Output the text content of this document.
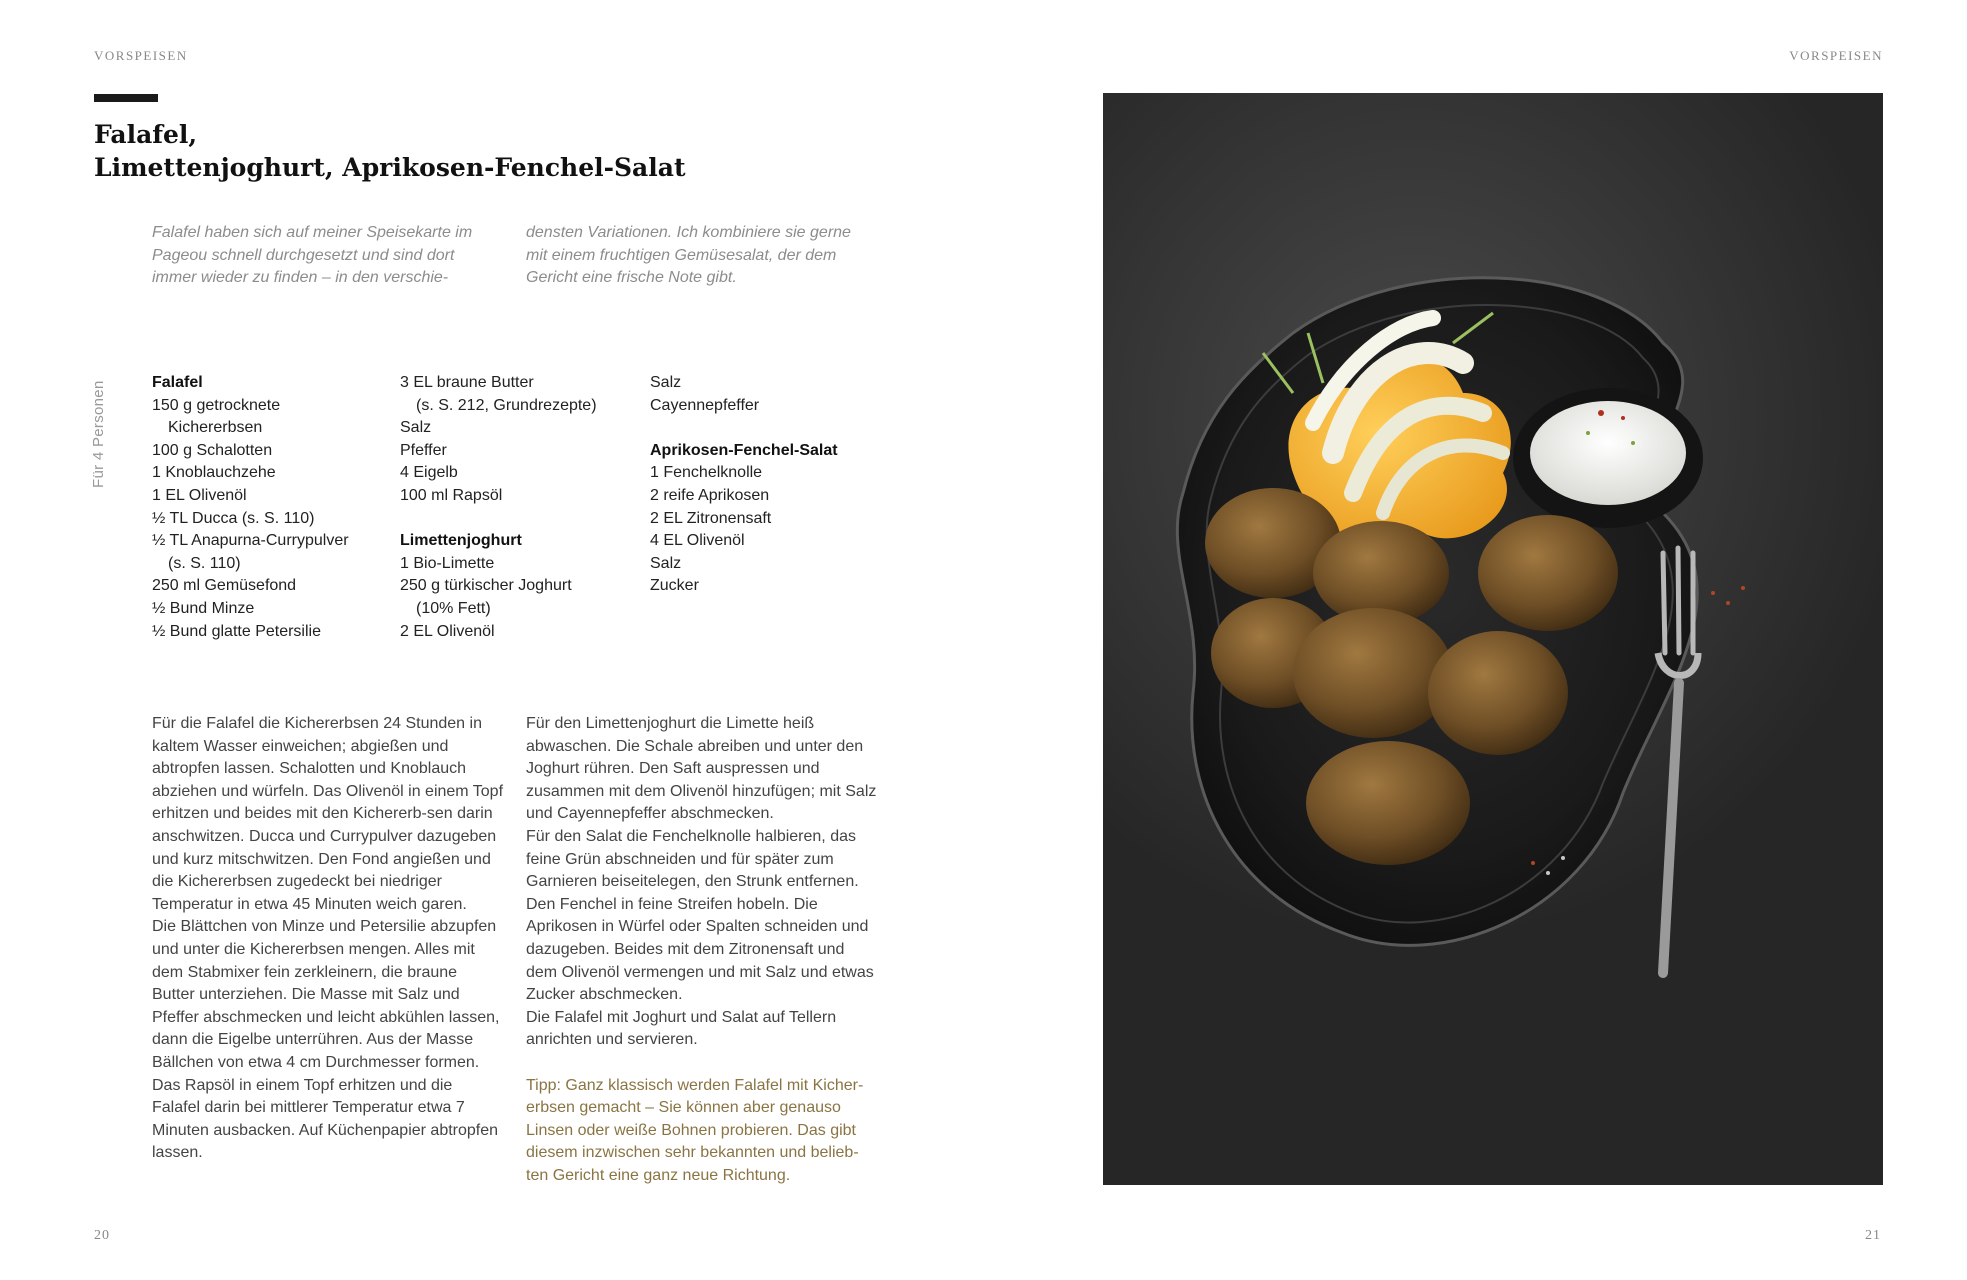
VORSPEISEN	VORSPEISEN
Falafel,
Limettenjoghurt, Aprikosen-Fenchel-Salat
Falafel haben sich auf meiner Speisekarte im Pageou schnell durchgesetzt und sind dort immer wieder zu finden – in den verschie-
densten Variationen. Ich kombiniere sie gerne mit einem fruchtigen Gemüsesalat, der dem Gericht eine frische Note gibt.
Für 4 Personen	Falafel
150 g getrocknete
Kichererbsen
100 g Schalotten
1 Knoblauchzehe
1 EL Olivenöl
½ TL Ducca (s. S. 110)
½ TL Anapurna-Currypulver
(s. S. 110)
250 ml Gemüsefond
½ Bund Minze
½ Bund glatte Petersilie
3 EL braune Butter
(s. S. 212, Grundrezepte)
Salz
Pfeffer
4 Eigelb
100 ml Rapsöl
Limettenjoghurt
1 Bio-Limette
250 g türkischer Joghurt
(10% Fett)
2 EL Olivenöl
Salz
Cayennepfeffer
Aprikosen-Fenchel-Salat
1 Fenchelknolle
2 reife Aprikosen
2 EL Zitronensaft
4 EL Olivenöl
Salz
Zucker

Für die Falafel die Kichererbsen 24 Stunden in kaltem Wasser einweichen; abgießen und abtropfen lassen. Schalotten und Knoblauch abziehen und würfeln. Das Olivenöl in einem Topf erhitzen und beides mit den Kichererb-sen darin anschwitzen. Ducca und Currypulver dazugeben und kurz mitschwitzen. Den Fond angießen und die Kichererbsen zugedeckt bei niedriger Temperatur in etwa 45 Minuten weich garen.

Die Blättchen von Minze und Petersilie abzupfen und unter die Kichererbsen mengen. Alles mit dem Stabmixer fein zerkleinern, die braune Butter unterziehen. Die Masse mit Salz und Pfeffer abschmecken und leicht abkühlen lassen, dann die Eigelbe unterrühren. Aus der Masse Bällchen von etwa 4 cm Durchmesser formen. Das Rapsöl in einem Topf erhitzen und die Falafel darin bei mittlerer Temperatur etwa 7 Minuten ausbacken. Auf Küchenpapier abtropfen lassen.

Für den Limettenjoghurt die Limette heiß abwaschen. Die Schale abreiben und unter den Joghurt rühren. Den Saft auspressen und zusammen mit dem Olivenöl hinzufügen; mit Salz und Cayennepfeffer abschmecken.

Für den Salat die Fenchelknolle halbieren, das feine Grün abschneiden und für später zum Garnieren beiseitelegen, den Strunk entfernen. Den Fenchel in feine Streifen hobeln. Die Aprikosen in Würfel oder Spalten schneiden und dazugeben. Beides mit dem Zitronensaft und dem Olivenöl vermengen und mit Salz und etwas Zucker abschmecken.

Die Falafel mit Joghurt und Salat auf Tellern anrichten und servieren.

Tipp: Ganz klassisch werden Falafel mit Kicher-erbsen gemacht – Sie können aber genauso Linsen oder weiße Bohnen probieren. Das gibt diesem inzwischen sehr bekannten und belieb-ten Gericht eine ganz neue Richtung.

20	21
